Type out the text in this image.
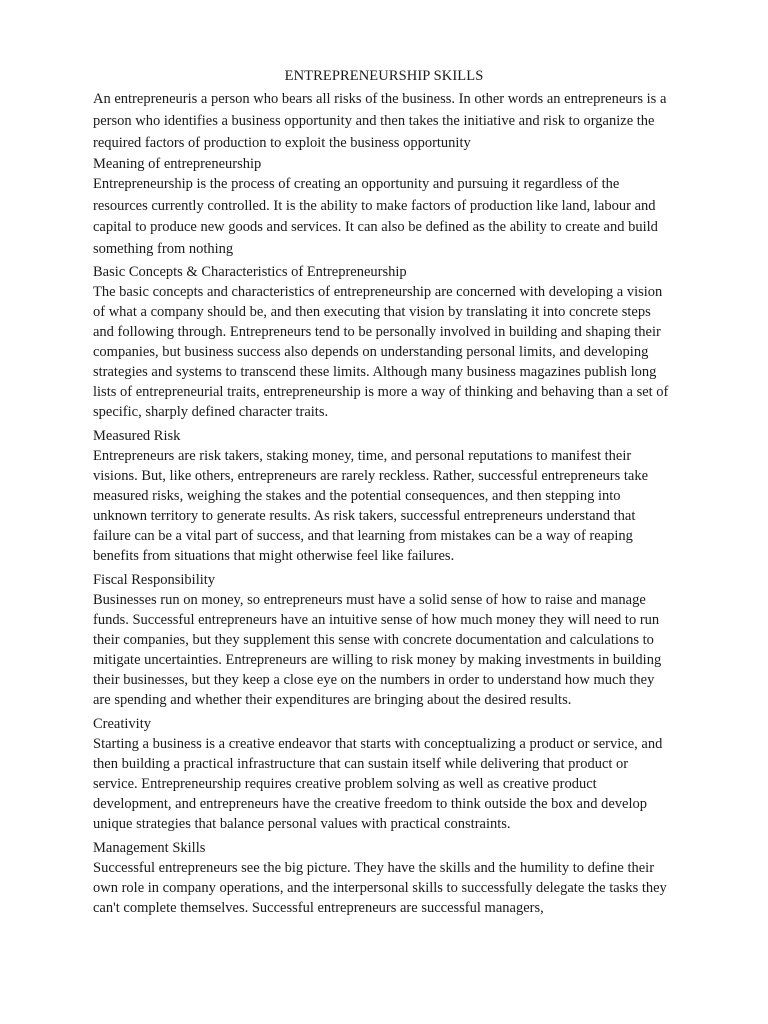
ENTREPRENEURSHIP SKILLS

An entrepreneuris a person who bears all risks of the business. In other words an entrepreneurs is a person who identifies a business opportunity and then takes the initiative and risk to organize the required factors of production to exploit the business opportunity

Meaning of entrepreneurship

Entrepreneurship is the process of creating an opportunity and pursuing it regardless of the resources currently controlled. It is the ability to make factors of production like land, labour and capital to produce new goods and services. It can also be defined as the ability to create and build something from nothing

Basic Concepts & Characteristics of Entrepreneurship

The basic concepts and characteristics of entrepreneurship are concerned with developing a vision of what a company should be, and then executing that vision by translating it into concrete steps and following through. Entrepreneurs tend to be personally involved in building and shaping their companies, but business success also depends on understanding personal limits, and developing strategies and systems to transcend these limits. Although many business magazines publish long lists of entrepreneurial traits, entrepreneurship is more a way of thinking and behaving than a set of specific, sharply defined character traits.

Measured Risk

Entrepreneurs are risk takers, staking money, time, and personal reputations to manifest their visions. But, like others, entrepreneurs are rarely reckless. Rather, successful entrepreneurs take measured risks, weighing the stakes and the potential consequences, and then stepping into unknown territory to generate results. As risk takers, successful entrepreneurs understand that failure can be a vital part of success, and that learning from mistakes can be a way of reaping benefits from situations that might otherwise feel like failures.

Fiscal Responsibility

Businesses run on money, so entrepreneurs must have a solid sense of how to raise and manage funds. Successful entrepreneurs have an intuitive sense of how much money they will need to run their companies, but they supplement this sense with concrete documentation and calculations to mitigate uncertainties. Entrepreneurs are willing to risk money by making investments in building their businesses, but they keep a close eye on the numbers in order to understand how much they are spending and whether their expenditures are bringing about the desired results.

Creativity

Starting a business is a creative endeavor that starts with conceptualizing a product or service, and then building a practical infrastructure that can sustain itself while delivering that product or service. Entrepreneurship requires creative problem solving as well as creative product development, and entrepreneurs have the creative freedom to think outside the box and develop unique strategies that balance personal values with practical constraints.

Management Skills

Successful entrepreneurs see the big picture. They have the skills and the humility to define their own role in company operations, and the interpersonal skills to successfully delegate the tasks they can't complete themselves. Successful entrepreneurs are successful managers,
